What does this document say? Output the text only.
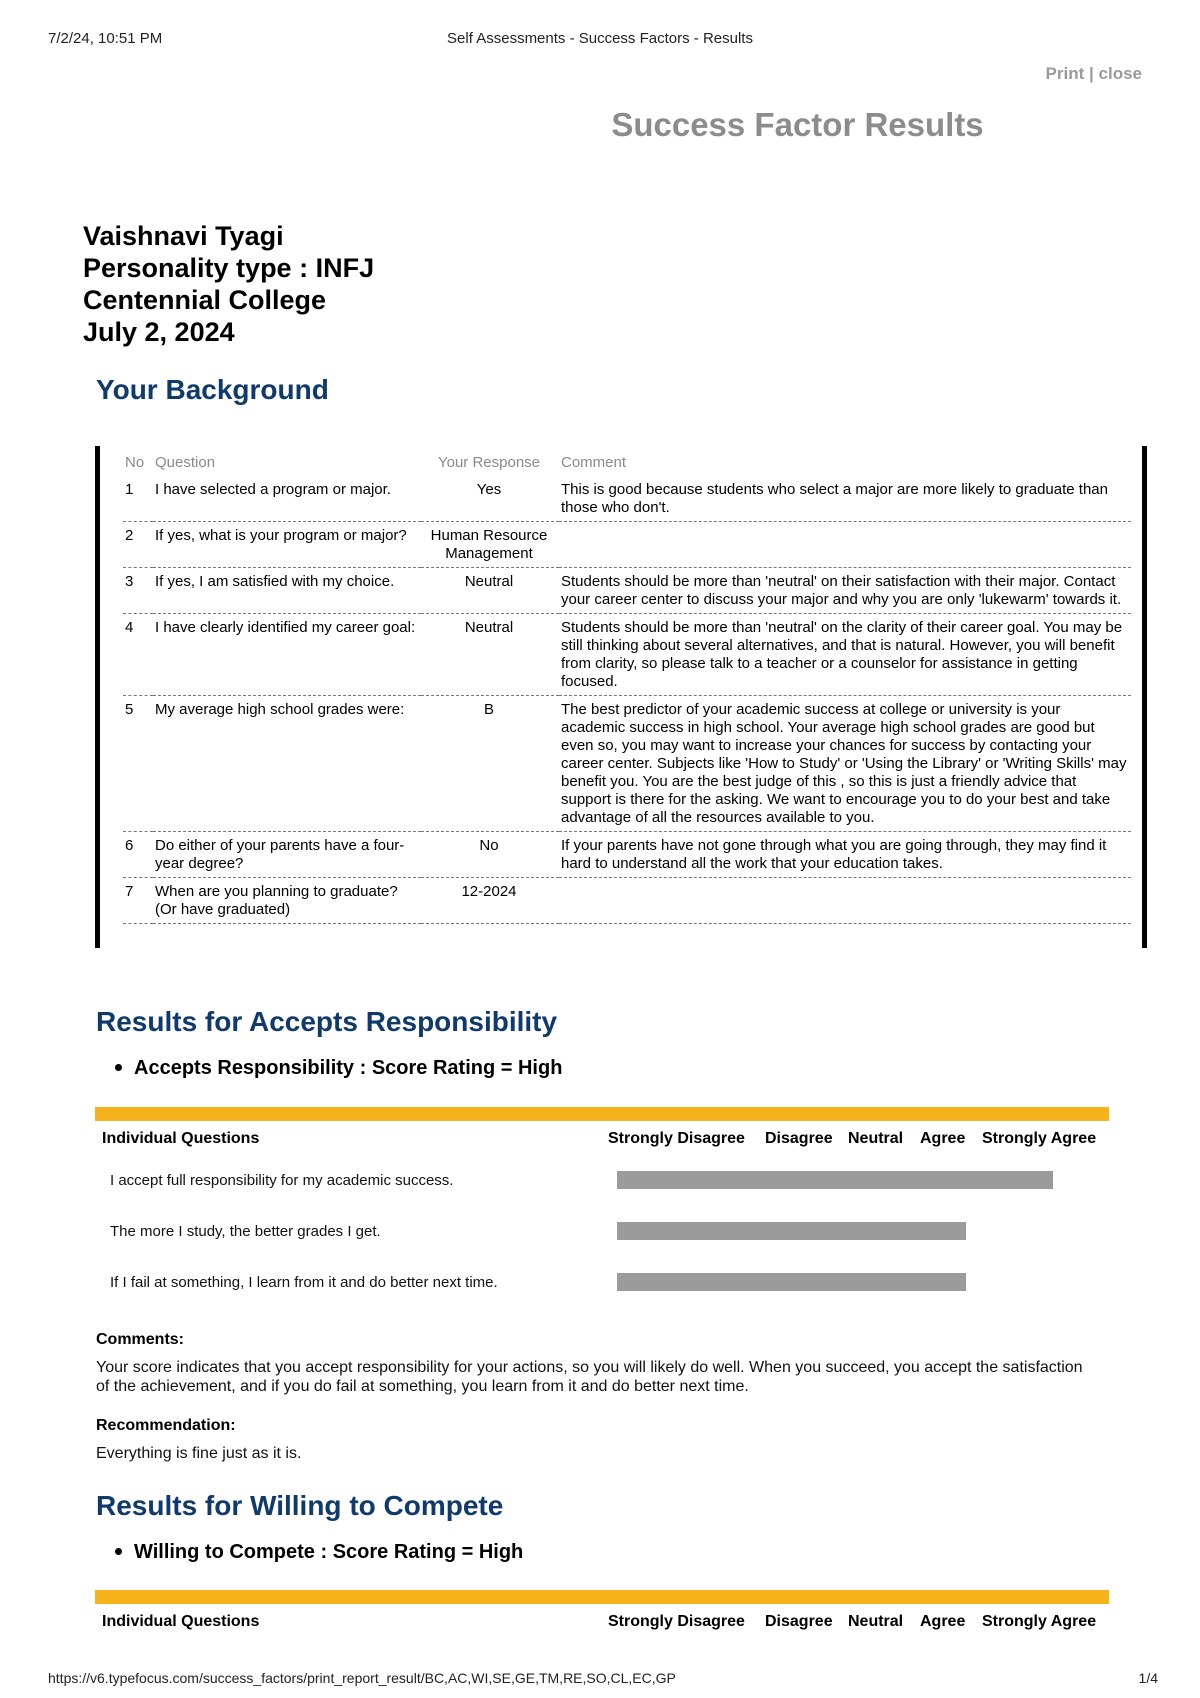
7/2/24, 10:51 PM	Self Assessments - Success Factors - Results
Print | close
Success Factor Results
Vaishnavi Tyagi
Personality type : INFJ
Centennial College
July 2, 2024
Your Background
No	Question	Your Response	Comment
1	I have selected a program or major.	Yes	This is good because students who select a major are more likely to graduate than those who don't.
2	If yes, what is your program or major?	Human Resource Management	
3	If yes, I am satisfied with my choice.	Neutral	Students should be more than 'neutral' on their satisfaction with their major. Contact your career center to discuss your major and why you are only 'lukewarm' towards it.
4	I have clearly identified my career goal:	Neutral	Students should be more than 'neutral' on the clarity of their career goal. You may be still thinking about several alternatives, and that is natural. However, you will benefit from clarity, so please talk to a teacher or a counselor for assistance in getting focused.
5	My average high school grades were:	B	The best predictor of your academic success at college or university is your academic success in high school. Your average high school grades are good but even so, you may want to increase your chances for success by contacting your career center. Subjects like 'How to Study' or 'Using the Library' or 'Writing Skills' may benefit you. You are the best judge of this , so this is just a friendly advice that support is there for the asking. We want to encourage you to do your best and take advantage of all the resources available to you.
6	Do either of your parents have a four-year degree?	No	If your parents have not gone through what you are going through, they may find it hard to understand all the work that your education takes.
7	When are you planning to graduate? (Or have graduated)	12-2024	
Results for Accepts Responsibility
Accepts Responsibility : Score Rating = High
Individual Questions	Strongly Disagree Disagree Neutral Agree Strongly Agree
I accept full responsibility for my academic success.
The more I study, the better grades I get.
If I fail at something, I learn from it and do better next time.
Comments:
Your score indicates that you accept responsibility for your actions, so you will likely do well. When you succeed, you accept the satisfaction of the achievement, and if you do fail at something, you learn from it and do better next time.
Recommendation:
Everything is fine just as it is.
Results for Willing to Compete
Willing to Compete : Score Rating = High
Individual Questions	Strongly Disagree Disagree Neutral Agree Strongly Agree
https://v6.typefocus.com/success_factors/print_report_result/BC,AC,WI,SE,GE,TM,RE,SO,CL,EC,GP	1/4
